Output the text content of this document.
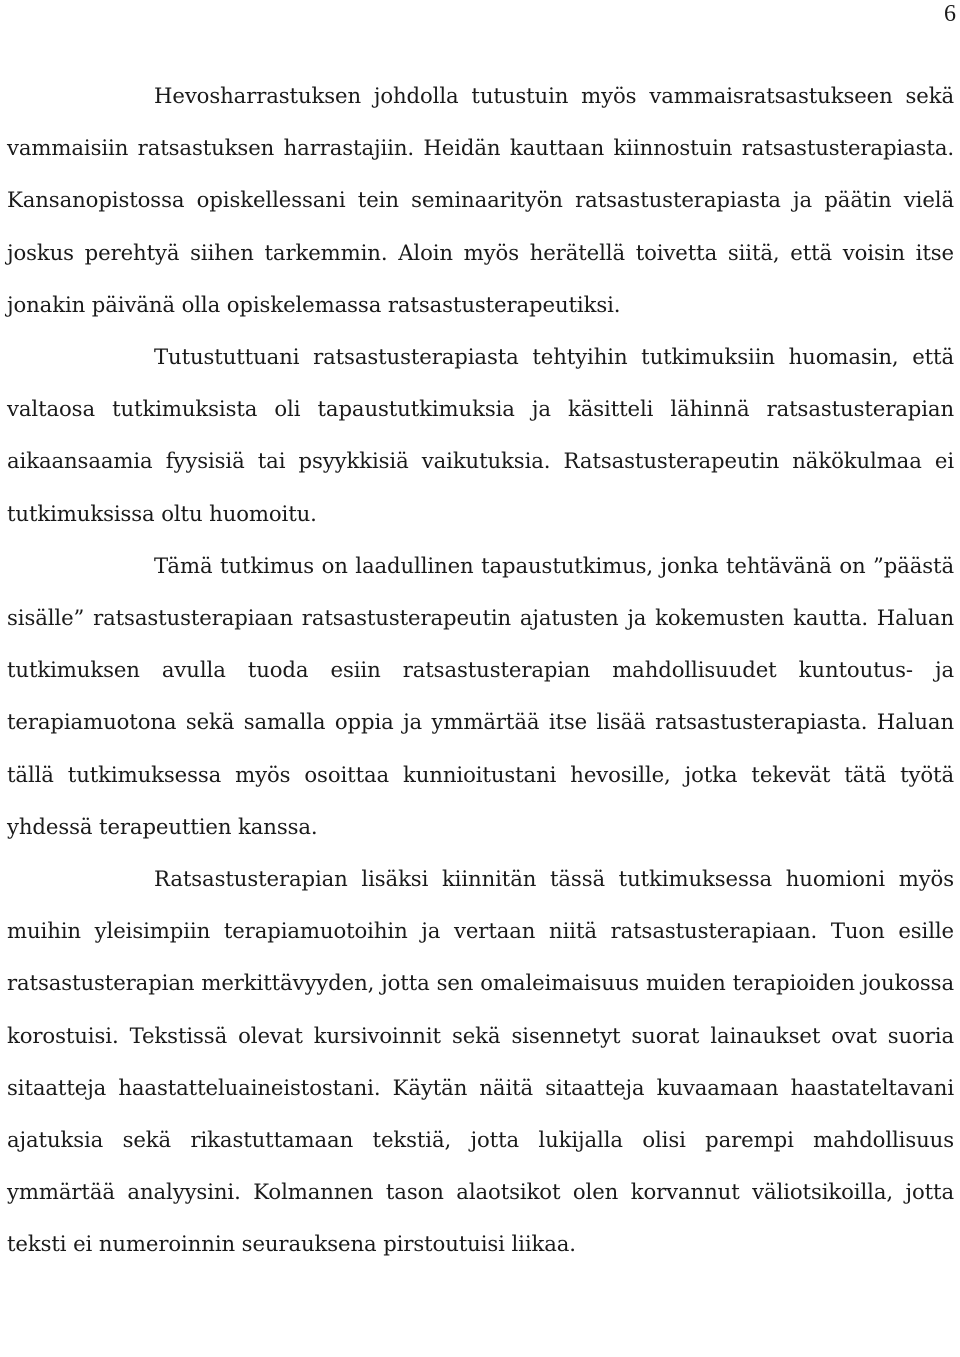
6

Hevosharrastuksen johdolla tutustuin myös vammaisratsastukseen sekä vammaisiin ratsastuksen harrastajiin. Heidän kauttaan kiinnostuin ratsastusterapiasta. Kansanopistossa opiskellessani tein seminaarityön ratsastusterapiasta ja päätin vielä joskus perehtyä siihen tarkemmin. Aloin myös herätellä toivetta siitä, että voisin itse jonakin päivänä olla opiskelemassa ratsastusterapeutiksi.

Tutustuttuani ratsastusterapiasta tehtyihin tutkimuksiin huomasin, että valtaosa tutkimuksista oli tapaustutkimuksia ja käsitteli lähinnä ratsastusterapian aikaansaamia fyysisiä tai psyykkisiä vaikutuksia. Ratsastusterapeutin näkökulmaa ei tutkimuksissa oltu huomoitu.

Tämä tutkimus on laadullinen tapaustutkimus, jonka tehtävänä on ”päästä sisälle” ratsastusterapiaan ratsastusterapeutin ajatusten ja kokemusten kautta. Haluan tutkimuksen avulla tuoda esiin ratsastusterapian mahdollisuudet kuntoutus- ja terapiamuotona sekä samalla oppia ja ymmärtää itse lisää ratsastusterapiasta. Haluan tällä tutkimuksessa myös osoittaa kunnioitustani hevosille, jotka tekevät tätä työtä yhdessä terapeuttien kanssa.

Ratsastusterapian lisäksi kiinnitän tässä tutkimuksessa huomioni myös muihin yleisimpiin terapiamuotoihin ja vertaan niitä ratsastusterapiaan. Tuon esille ratsastusterapian merkittävyyden, jotta sen omaleimaisuus muiden terapioiden joukossa korostuisi. Tekstissä olevat kursivoinnit sekä sisennetyt suorat lainaukset ovat suoria sitaatteja haastatteluaineistostani. Käytän näitä sitaatteja kuvaamaan haastateltavani ajatuksia sekä rikastuttamaan tekstiä, jotta lukijalla olisi parempi mahdollisuus ymmärtää analyysini. Kolmannen tason alaotsikot olen korvannut väliotsikoilla, jotta teksti ei numeroinnin seurauksena pirstoutuisi liikaa.
